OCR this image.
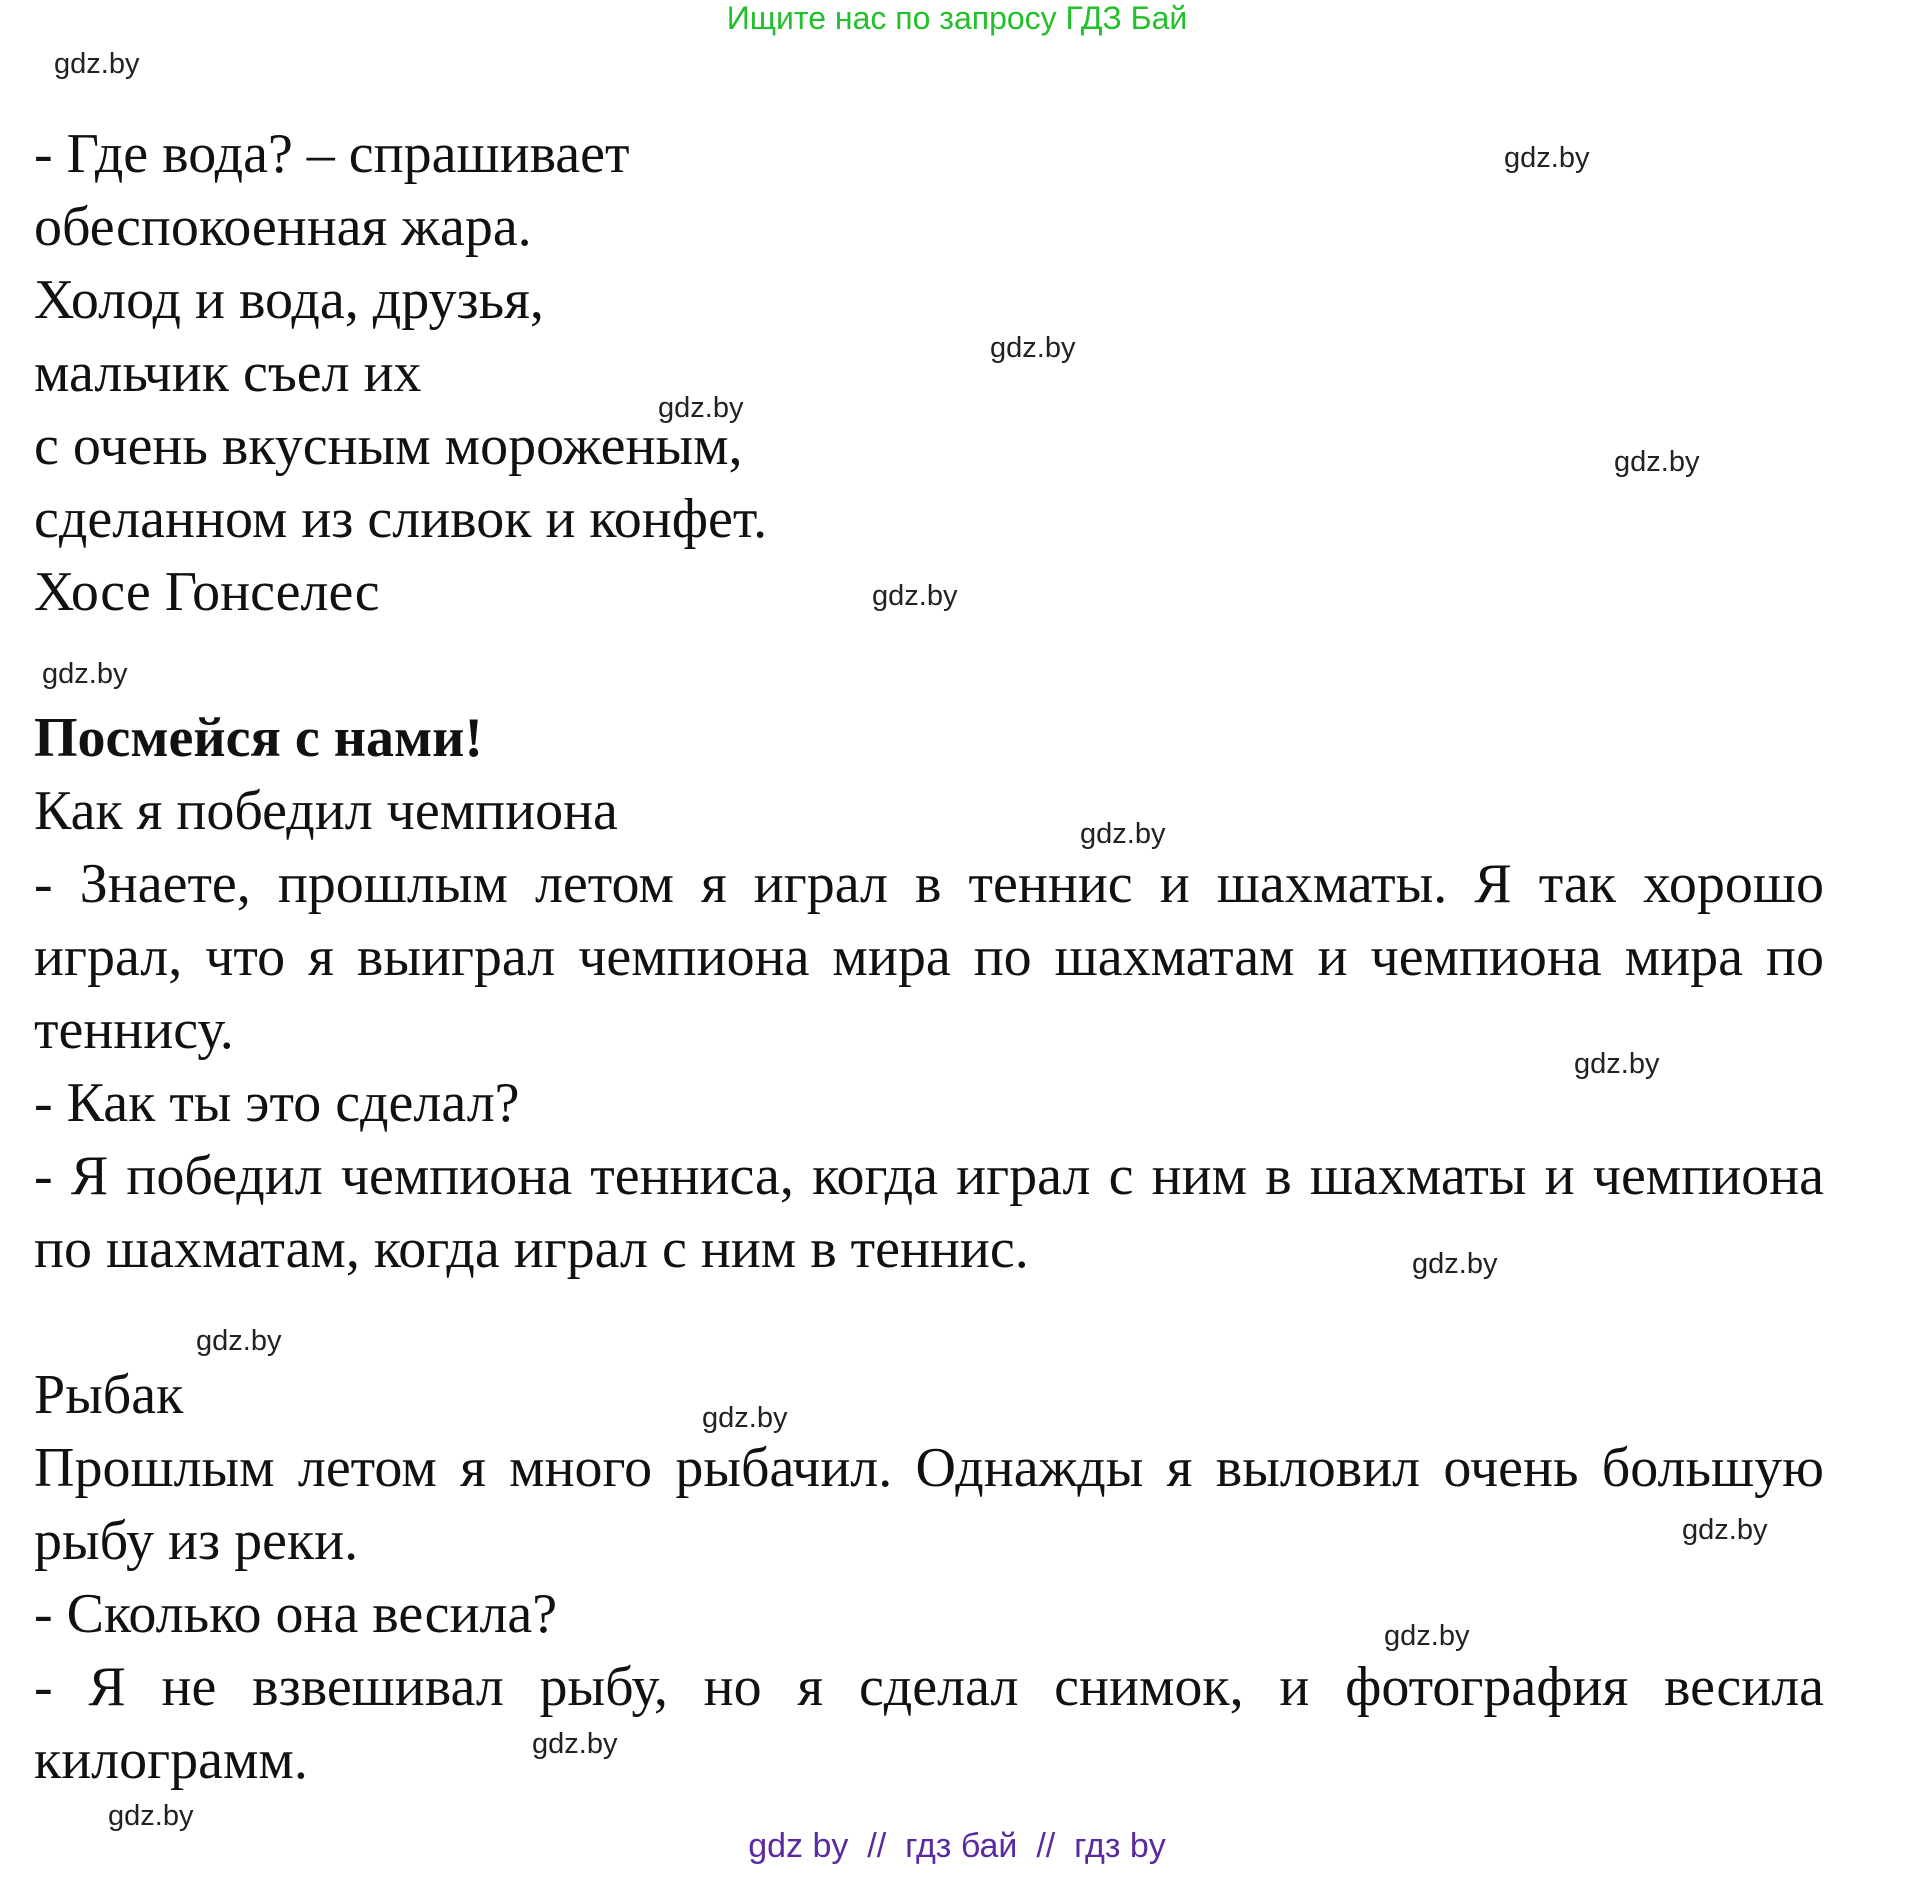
Ищите нас по запросу ГДЗ Бай
- Где вода? – спрашивает
обеспокоенная жара.
Холод и вода, друзья,
мальчик съел их
с очень вкусным мороженым,
сделанном из сливок и конфет.
Хосе Гонселес
Посмейся с нами!
Как я победил чемпиона

- Знаете, прошлым летом я играл в теннис и шахматы. Я так хорошо играл, что я выиграл чемпиона мира по шахматам и чемпиона мира по теннису.

- Как ты это сделал?

- Я победил чемпиона тенниса, когда играл с ним в шахматы и чемпиона по шахматам, когда играл с ним в теннис.

Рыбак

Прошлым летом я много рыбачил. Однажды я выловил очень большую рыбу из реки.

- Сколько она весила?

- Я не взвешивал рыбу, но я сделал снимок, и фотография весила килограмм.

gdz.by
gdz.by
gdz.by
gdz.by
gdz.by
gdz.by
gdz.by
gdz.by
gdz.by
gdz.by
gdz.by
gdz.by
gdz.by
gdz.by
gdz.by
gdz.by
gdz by  //  гдз бай  //  гдз by
